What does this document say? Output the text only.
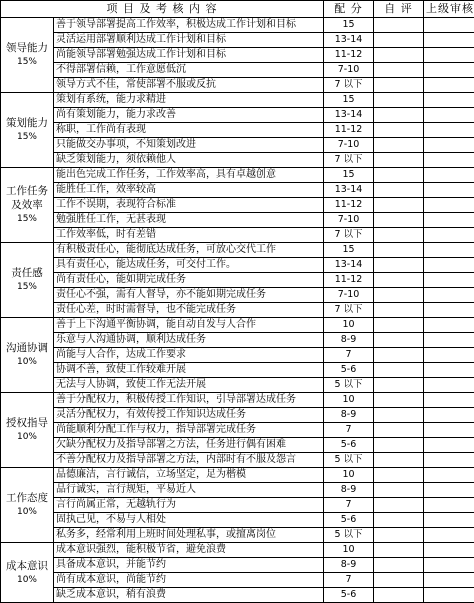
项 目 及 考 核 内 容		配 分	自 评	上级审核
领导能力
15%	善于领导部署提高工作效率，积极达成工作计划和目标	15		
	灵活运用部署顺利达成工作计划和目标	13-14		
	尚能领导部署勉强达成工作计划和目标	11-12		
	不得部署信赖，工作意愿低沉	7-10		
	领导方式不佳，常使部署不服或反抗	7 以下		
策划能力
15%	策划有系统，能力求精进	15		
	尚有策划能力，能力求改善	13-14		
	称职，工作尚有表现	11-12		
	只能做交办事项，不知策划改进	7-10		
	缺乏策划能力，须依赖他人	7 以下		
工作任务及效率
15%	能出色完成工作任务，工作效率高，具有卓越创意	15		
	能胜任工作，效率较高	13-14		
	工作不误期，表现符合标准	11-12		
	勉强胜任工作，无甚表现	7-10		
	工作效率低，时有差错	7 以下		
责任感
15%	有积极责任心，能彻底达成任务，可放心交代工作	15		
	具有责任心，能达成任务，可交付工作。	13-14		
	尚有责任心，能如期完成任务	11-12		
	责任心不强，需有人督导，亦不能如期完成任务	7-10		
	责任心差，时时需督导，也不能完成任务	7 以下		
沟通协调
10%	善于上下沟通平衡协调，能自动自发与人合作	10		
	乐意与人沟通协调，顺利达成任务	8-9		
	尚能与人合作，达成工作要求	7		
	协调不善，致使工作较难开展	5-6		
	无法与人协调，致使工作无法开展	5 以下		
授权指导
10%	善于分配权力，积极传授工作知识，引导部署达成任务	10		
	灵活分配权力，有效传授工作知识达成任务	8-9		
	尚能顺利分配工作与权力，指导部署完成任务	7		
	欠缺分配权力及指导部署之方法，任务进行偶有困难	5-6		
	不善分配权力及指导部署之方法，内部时有不服及怨言	5 以下		
工作态度
10%	品德廉洁，言行诚信，立场坚定，足为楷模	10		
	品行诚实，言行规矩，平易近人	8-9		
	言行尚属正常，无越轨行为	7		
	固执己见，不易与人相处	5-6		
	私务多，经常利用上班时间处理私事，或擅离岗位	5 以下		
成本意识
10%	成本意识强烈，能积极节省，避免浪费	10		
	具备成本意识，并能节约	8-9		
	尚有成本意识，尚能节约	7		
	缺乏成本意识，稍有浪费	5-6		
